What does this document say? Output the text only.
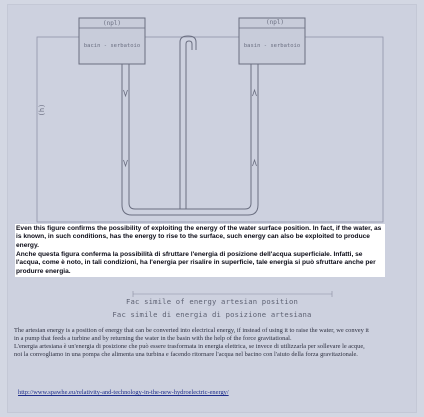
(npl)
bacin - serbatoio
(npl)
basin - serbatoio
(h)

Even this figure confirms the possibility of exploiting the energy of the water surface position. In fact, if the water, as is known, in such conditions, has the energy to rise to the surface, such energy can also be exploited to produce energy.

Anche questa figura conferma la possibilità di sfruttare l'energia di posizione dell'acqua superficiale. Infatti, se l'acqua, come è noto, in tali condizioni, ha l'energia per risalire in superficie, tale energia si può sfruttare anche per produrre energia.

Fac simile of energy artesian position
Fac simile di energia di posizione artesiana

The artesian energy is a position of energy that can be converted into electrical energy, if instead of using it to raise the water, we convey it in a pump that feeds a turbine and by returning the water in the basin with the help of the force gravitational.

L'energia artesiana è un'energia di posizione che può essere trasformata in energia elettrica, se invece di utilizzarla per sollevare le acque, noi la convogliamo in una pompa che alimenta una turbina e facendo ritornare l'acqua nel bacino con l'aiuto della forza gravitazionale.

http://www.spawhe.eu/relativity-and-technology-in-the-new-hydroelectric-energy/
